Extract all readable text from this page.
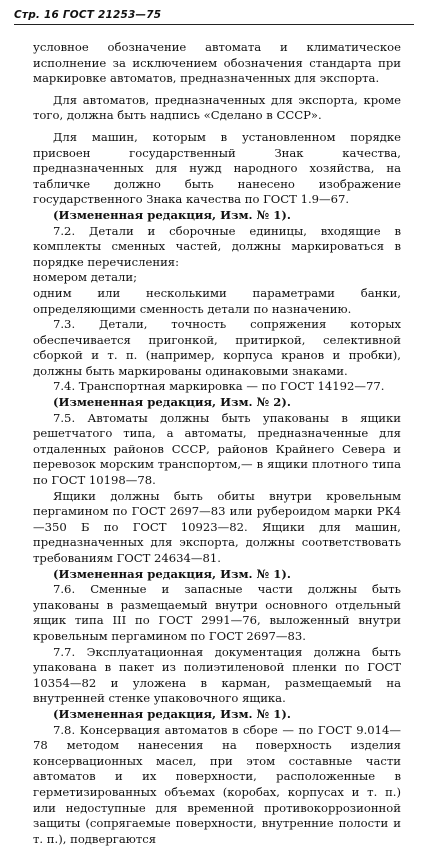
Стр. 16 ГОСТ 21253—75

условное обозначение автомата и климатическое исполнение за исключением обозначения стандарта при маркировке автоматов, предназначенных для экспорта.

Для автоматов, предназначенных для экспорта, кроме того, должна быть надпись «Сделано в СССР».

Для машин, которым в установленном порядке присвоен государственный Знак качества, предназначенных для нужд народного хозяйства, на табличке должно быть нанесено изображение государственного Знака качества по ГОСТ 1.9—67.

(Измененная редакция, Изм. № 1).

7.2. Детали и сборочные единицы, входящие в комплекты сменных частей, должны маркироваться в порядке перечисления:

номером детали;

одним или несколькими параметрами банки, определяющими сменность детали по назначению.

7.3. Детали, точность сопряжения которых обеспечивается пригонкой, притиркой, селективной сборкой и т. п. (например, корпуса кранов и пробки), должны быть маркированы одинаковыми знаками.

7.4. Транспортная маркировка — по ГОСТ 14192—77.

(Измененная редакция, Изм. № 2).

7.5. Автоматы должны быть упакованы в ящики решетчатого типа, а автоматы, предназначенные для отдаленных районов СССР, районов Крайнего Севера и перевозок морским транспортом,— в ящики плотного типа по ГОСТ 10198—78.

Ящики должны быть обиты внутри кровельным пергамином по ГОСТ 2697—83 или рубероидом марки РК4—350 Б по ГОСТ 10923—82. Ящики для машин, предназначенных для экспорта, должны соответствовать требованиям ГОСТ 24634—81.

(Измененная редакция, Изм. № 1).

7.6. Сменные и запасные части должны быть упакованы в размещаемый внутри основного отдельный ящик типа III по ГОСТ 2991—76, выложенный внутри кровельным пергамином по ГОСТ 2697—83.

7.7. Эксплуатационная документация должна быть упакована в пакет из полиэтиленовой пленки по ГОСТ 10354—82 и уложена в карман, размещаемый на внутренней стенке упаковочного ящика.

(Измененная редакция, Изм. № 1).

7.8. Консервация автоматов в сборе — по ГОСТ 9.014—78 методом нанесения на поверхность изделия консервационных масел, при этом составные части автоматов и их поверхности, расположенные в герметизированных объемах (коробах, корпусах и т. п.) или недоступные для временной противокоррозионной защиты (сопрягаемые поверхности, внутренние полости и т. п.), подвергаются
